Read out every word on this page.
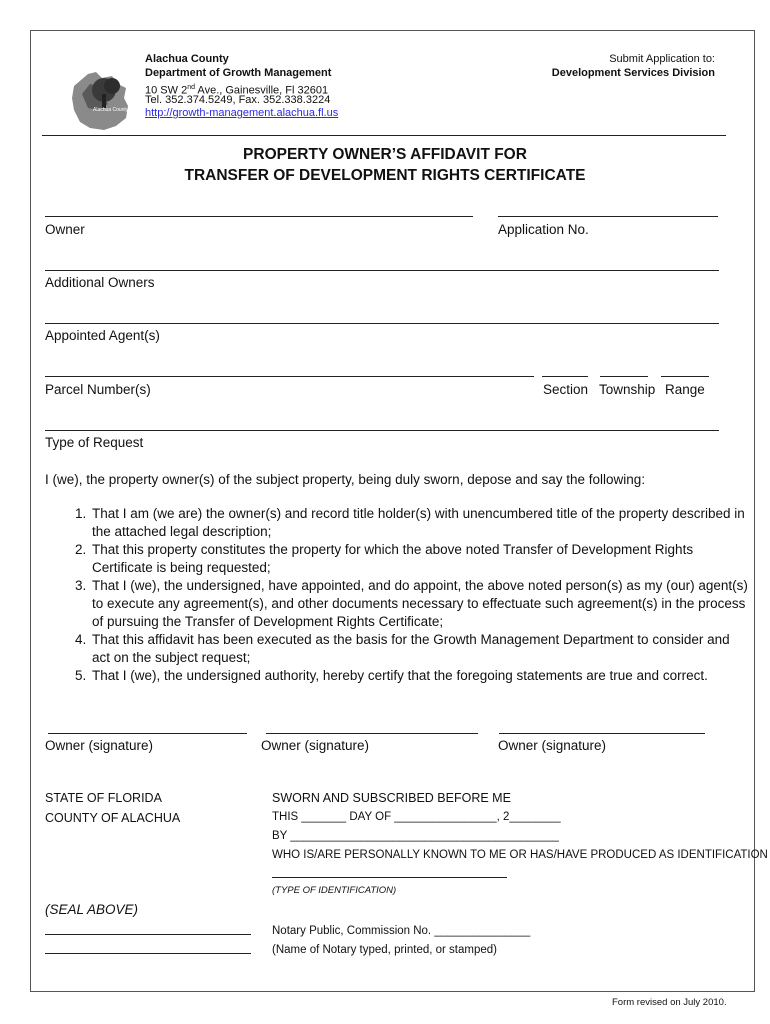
Alachua County Florida
Alachua County
Department of Growth Management
10 SW 2nd Ave., Gainesville, Fl 32601
Tel. 352.374.5249, Fax. 352.338.3224
http://growth-management.alachua.fl.us
Submit Application to:
Development Services Division
PROPERTY OWNER’S AFFIDAVIT FOR
TRANSFER OF DEVELOPMENT RIGHTS CERTIFICATE
Owner	Application No.
Additional Owners
Appointed Agent(s)
Parcel Number(s)	Section Township Range
Type of Request
I (we), the property owner(s) of the subject property, being duly sworn, depose and say the following:
1. That I am (we are) the owner(s) and record title holder(s) with unencumbered title of the property described in the attached legal description;
2. That this property constitutes the property for which the above noted Transfer of Development Rights Certificate is being requested;
3. That I (we), the undersigned, have appointed, and do appoint, the above noted person(s) as my (our) agent(s) to execute any agreement(s), and other documents necessary to effectuate such agreement(s) in the process of pursuing the Transfer of Development Rights Certificate;
4. That this affidavit has been executed as the basis for the Growth Management Department to consider and act on the subject request;
5. That I (we), the undersigned authority, hereby certify that the foregoing statements are true and correct.
Owner (signature)	Owner (signature)	Owner (signature)
STATE OF FLORIDA
COUNTY OF ALACHUA
SWORN AND SUBSCRIBED BEFORE ME
THIS _______ DAY OF ________________, 2________
BY __________________________________________
WHO IS/ARE PERSONALLY KNOWN TO ME OR HAS/HAVE PRODUCED AS IDENTIFICATION
(TYPE OF IDENTIFICATION)
(SEAL ABOVE)
Notary Public, Commission No. _______________
(Name of Notary typed, printed, or stamped)
Form revised on July 2010.
